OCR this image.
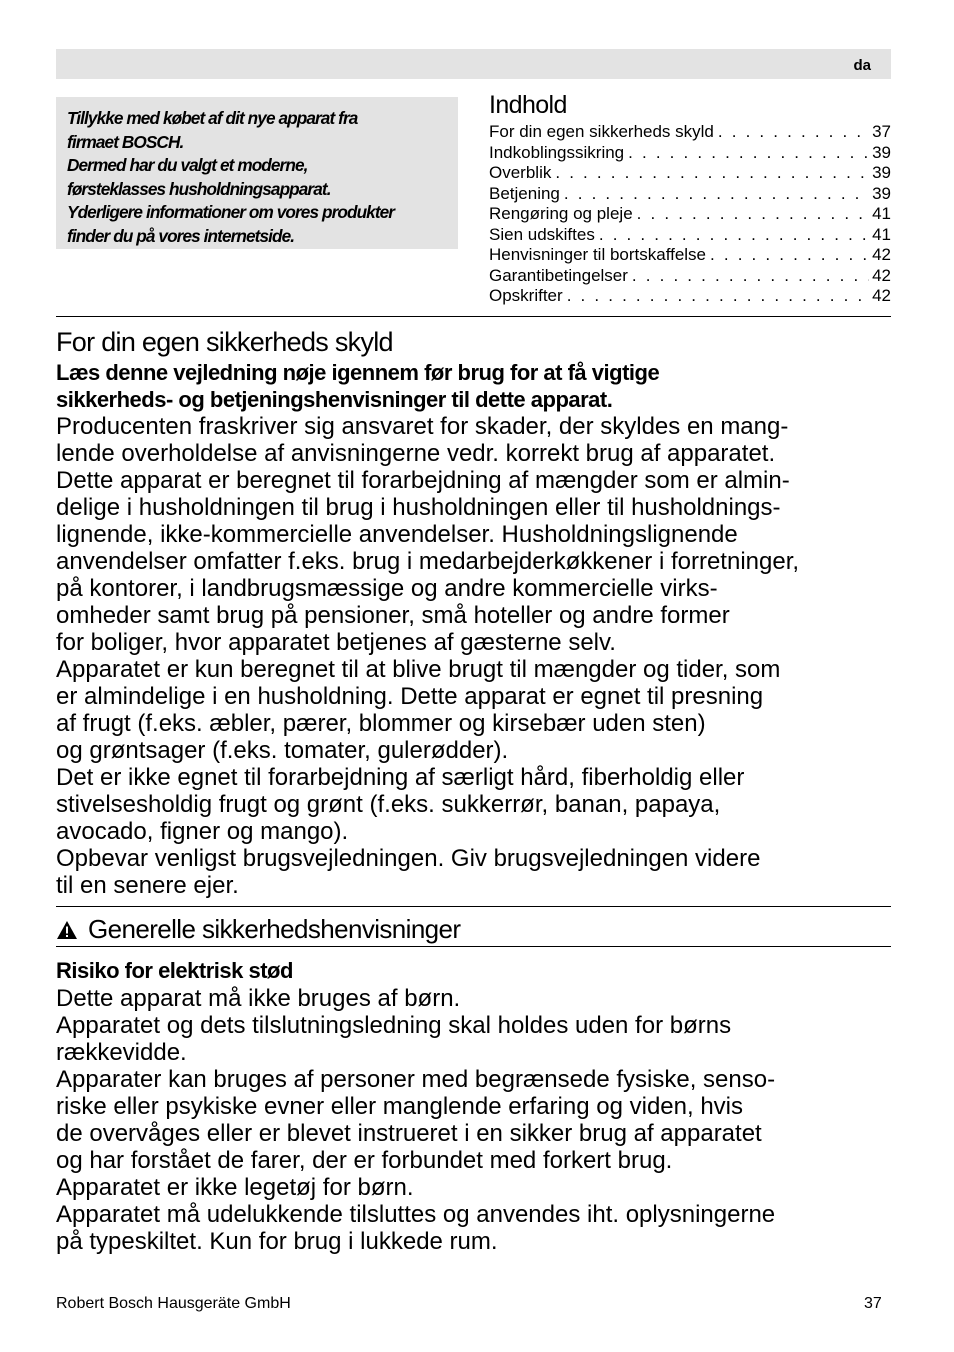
da
Tillykke med købet af dit nye apparat fra
firmaet BOSCH.
Dermed har du valgt et moderne,
førsteklasses husholdningsapparat.
Yderligere informationer om vores produkter
finder du på vores internetside.
Indhold
For din egen sikkerheds skyld . . .	37
Indkoblingssikring . . .	39
Overblik . . .	39
Betjening . . .	39
Rengøring og pleje . . .	41
Sien udskiftes . . .	41
Henvisninger til bortskaffelse . . .	42
Garantibetingelser . . .	42
Opskrifter . . .	42
For din egen sikkerheds skyld
Læs denne vejledning nøje igennem før brug for at få vigtige
sikkerheds- og betjeningshenvisninger til dette apparat.
Producenten fraskriver sig ansvaret for skader, der skyldes en mang-
lende overholdelse af anvisningerne vedr. korrekt brug af apparatet.
Dette apparat er beregnet til forarbejdning af mængder som er almin-
delige i husholdningen til brug i husholdningen eller til husholdnings-
lignende, ikke-kommercielle anvendelser. Husholdningslignende
anvendelser omfatter f.eks. brug i medarbejderkøkkener i forretninger,
på kontorer, i landbrugsmæssige og andre kommercielle virks-
omheder samt brug på pensioner, små hoteller og andre former
for boliger, hvor apparatet betjenes af gæsterne selv.
Apparatet er kun beregnet til at blive brugt til mængder og tider, som
er almindelige i en husholdning. Dette apparat er egnet til presning
af frugt (f.eks. æbler, pærer, blommer og kirsebær uden sten)
og grøntsager (f.eks. tomater, gulerødder).
Det er ikke egnet til forarbejdning af særligt hård, fiberholdig eller
stivelsesholdig frugt og grønt (f.eks. sukkerrør, banan, papaya,
avocado, figner og mango).
Opbevar venligst brugsvejledningen. Giv brugsvejledningen videre
til en senere ejer.
Generelle sikkerhedshenvisninger
Risiko for elektrisk stød
Dette apparat må ikke bruges af børn.
Apparatet og dets tilslutningsledning skal holdes uden for børns
rækkevidde.
Apparater kan bruges af personer med begrænsede fysiske, senso-
riske eller psykiske evner eller manglende erfaring og viden, hvis
de overvåges eller er blevet instrueret i en sikker brug af apparatet
og har forstået de farer, der er forbundet med forkert brug.
Apparatet er ikke legetøj for børn.
Apparatet må udelukkende tilsluttes og anvendes iht. oplysningerne
på typeskiltet. Kun for brug i lukkede rum.
Robert Bosch Hausgeräte GmbH	37
